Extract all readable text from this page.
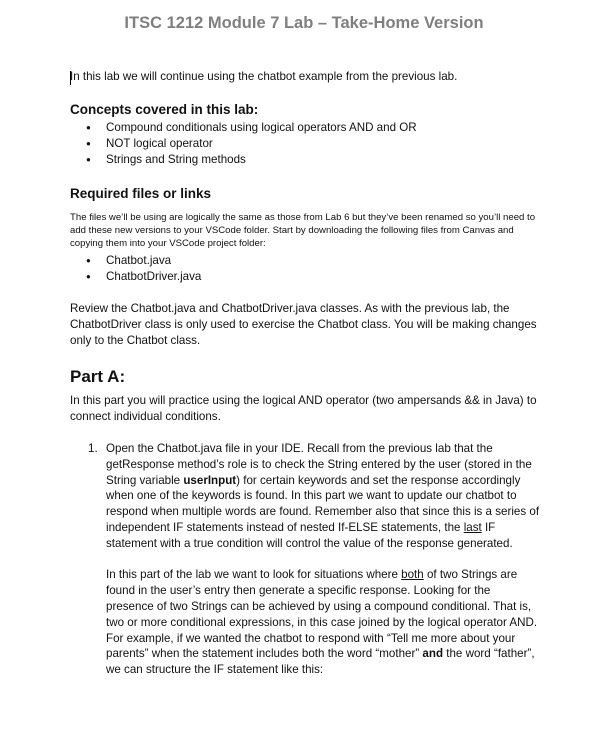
ITSC 1212 Module 7 Lab – Take-Home Version
In this lab we will continue using the chatbot example from the previous lab.
Concepts covered in this lab:
● Compound conditionals using logical operators AND and OR
● NOT logical operator
● Strings and String methods
Required files or links
The files we’ll be using are logically the same as those from Lab 6 but they’ve been renamed so you’ll need to add these new versions to your VSCode folder. Start by downloading the following files from Canvas and copying them into your VSCode project folder:
● Chatbot.java
● ChatbotDriver.java
Review the Chatbot.java and ChatbotDriver.java classes. As with the previous lab, the ChatbotDriver class is only used to exercise the Chatbot class. You will be making changes only to the Chatbot class.
Part A:
In this part you will practice using the logical AND operator (two ampersands && in Java) to connect individual conditions.
1. Open the Chatbot.java file in your IDE. Recall from the previous lab that the getResponse method’s role is to check the String entered by the user (stored in the String variable userInput) for certain keywords and set the response accordingly when one of the keywords is found. In this part we want to update our chatbot to respond when multiple words are found. Remember also that since this is a series of independent IF statements instead of nested If-ELSE statements, the last IF statement with a true condition will control the value of the response generated.

In this part of the lab we want to look for situations where both of two Strings are found in the user’s entry then generate a specific response. Looking for the presence of two Strings can be achieved by using a compound conditional. That is, two or more conditional expressions, in this case joined by the logical operator AND. For example, if we wanted the chatbot to respond with “Tell me more about your parents” when the statement includes both the word “mother” and the word “father”, we can structure the IF statement like this:
